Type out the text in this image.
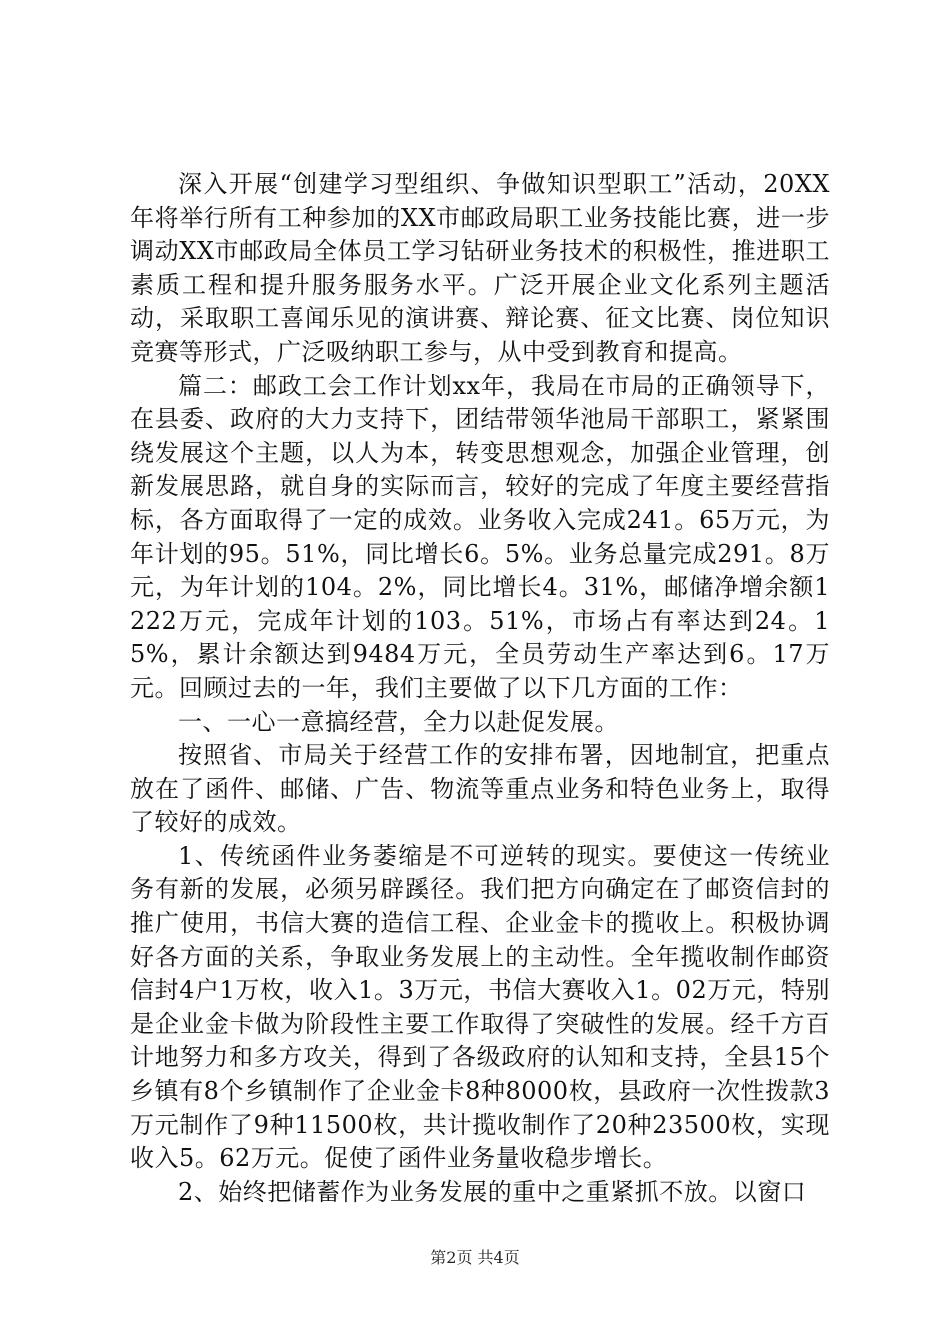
深入开展“创建学习型组织、争做知识型职工”活动，20XX年将举行所有工种参加的XX市邮政局职工业务技能比赛，进一步调动XX市邮政局全体员工学习钻研业务技术的积极性，推进职工素质工程和提升服务服务水平。广泛开展企业文化系列主题活动，采取职工喜闻乐见的演讲赛、辩论赛、征文比赛、岗位知识竞赛等形式，广泛吸纳职工参与，从中受到教育和提高。

篇二：邮政工会工作计划xx年，我局在市局的正确领导下，在县委、政府的大力支持下，团结带领华池局干部职工，紧紧围绕发展这个主题，以人为本，转变思想观念，加强企业管理，创新发展思路，就自身的实际而言，较好的完成了年度主要经营指标，各方面取得了一定的成效。业务收入完成241。65万元，为年计划的95。51%，同比增长6。5%。业务总量完成291。8万元，为年计划的104。2%，同比增长4。31%，邮储净增余额1222万元，完成年计划的103。51%，市场占有率达到24。15%，累计余额达到9484万元，全员劳动生产率达到6。17万元。回顾过去的一年，我们主要做了以下几方面的工作：

一、一心一意搞经营，全力以赴促发展。

按照省、市局关于经营工作的安排布署，因地制宜，把重点放在了函件、邮储、广告、物流等重点业务和特色业务上，取得了较好的成效。

1、传统函件业务萎缩是不可逆转的现实。要使这一传统业务有新的发展，必须另辟蹊径。我们把方向确定在了邮资信封的推广使用，书信大赛的造信工程、企业金卡的揽收上。积极协调好各方面的关系，争取业务发展上的主动性。全年揽收制作邮资信封4户1万枚，收入1。3万元，书信大赛收入1。02万元，特别是企业金卡做为阶段性主要工作取得了突破性的发展。经千方百计地努力和多方攻关，得到了各级政府的认知和支持，全县15个乡镇有8个乡镇制作了企业金卡8种8000枚，县政府一次性拨款3万元制作了9种11500枚，共计揽收制作了20种23500枚，实现收入5。62万元。促使了函件业务量收稳步增长。

2、始终把储蓄作为业务发展的重中之重紧抓不放。以窗口

第2页 共4页
